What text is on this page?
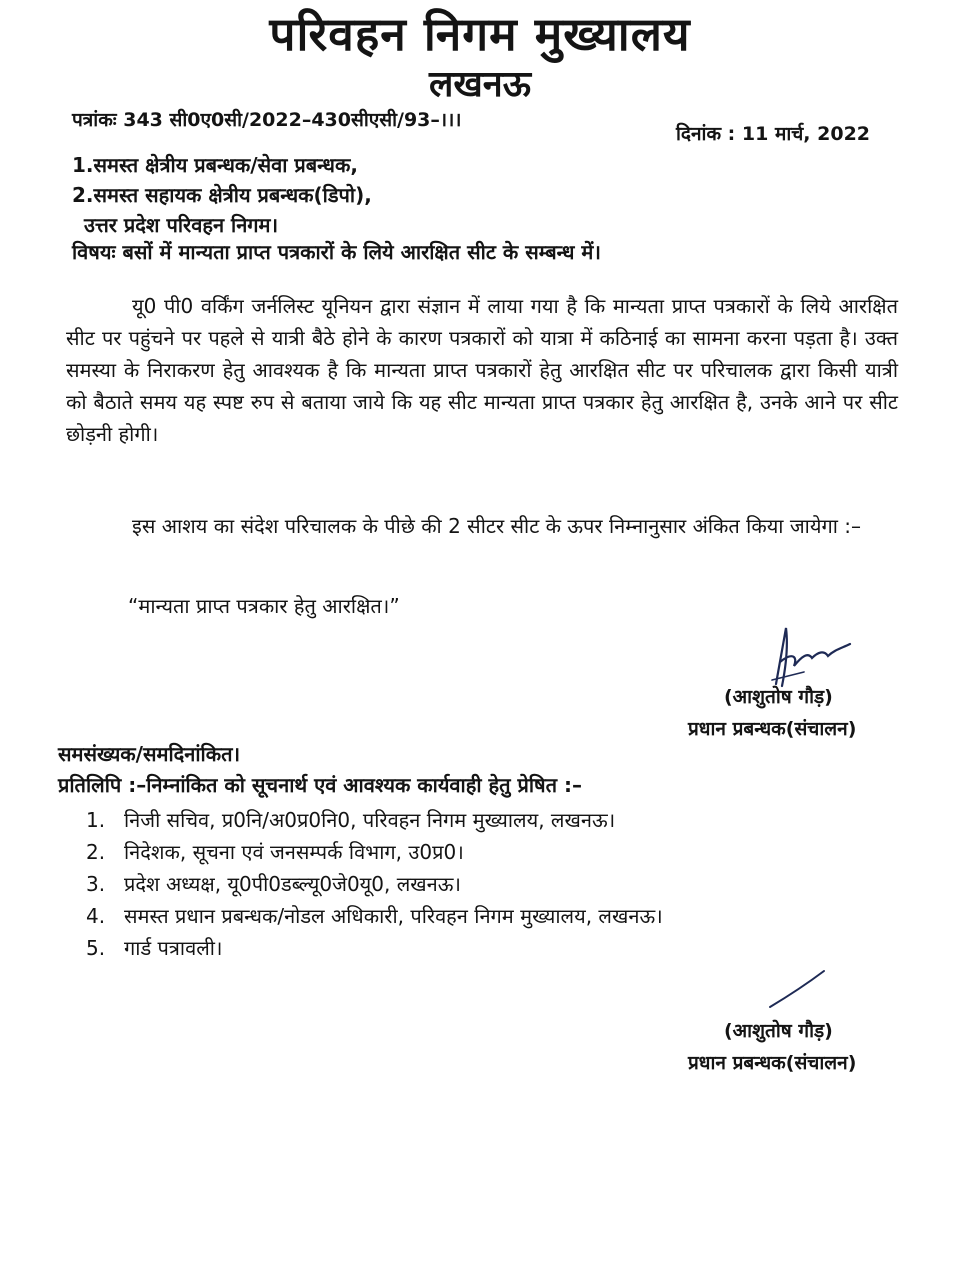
परिवहन निगम मुख्यालय
लखनऊ
पत्रांकः 343 सी0ए0सी/2022–430सीएसी/93–।।।
दिनांक : 11 मार्च, 2022
1.समस्त क्षेत्रीय प्रबन्धक/सेवा प्रबन्धक,
2.समस्त सहायक क्षेत्रीय प्रबन्धक(डिपो),
उत्तर प्रदेश परिवहन निगम।
विषयः बसों में मान्यता प्राप्त पत्रकारों के लिये आरक्षित सीट के सम्बन्ध में।
यू0 पी0 वर्किंग जर्नलिस्ट यूनियन द्वारा संज्ञान में लाया गया है कि मान्यता प्राप्त पत्रकारों के लिये आरक्षित सीट पर पहुंचने पर पहले से यात्री बैठे होने के कारण पत्रकारों को यात्रा में कठिनाई का सामना करना पड़ता है। उक्त समस्या के निराकरण हेतु आवश्यक है कि मान्यता प्राप्त पत्रकारों हेतु आरक्षित सीट पर परिचालक द्वारा किसी यात्री को बैठाते समय यह स्पष्ट रुप से बताया जाये कि यह सीट मान्यता प्राप्त पत्रकार हेतु आरक्षित है, उनके आने पर सीट छोड़नी होगी।
इस आशय का संदेश परिचालक के पीछे की 2 सीटर सीट के ऊपर निम्नानुसार अंकित किया जायेगा :–
“मान्यता प्राप्त पत्रकार हेतु आरक्षित।”
(आशुतोष गौड़)
प्रधान प्रबन्धक(संचालन)
समसंख्यक/समदिनांकित।
प्रतिलिपि :–निम्नांकित को सूचनार्थ एवं आवश्यक कार्यवाही हेतु प्रेषित :–
1. निजी सचिव, प्र0नि/अ0प्र0नि0, परिवहन निगम मुख्यालय, लखनऊ।
2. निदेशक, सूचना एवं जनसम्पर्क विभाग, उ0प्र0।
3. प्रदेश अध्यक्ष, यू0पी0डब्ल्यू0जे0यू0, लखनऊ।
4. समस्त प्रधान प्रबन्धक/नोडल अधिकारी, परिवहन निगम मुख्यालय, लखनऊ।
5. गार्ड पत्रावली।
(आशुतोष गौड़)
प्रधान प्रबन्धक(संचालन)
